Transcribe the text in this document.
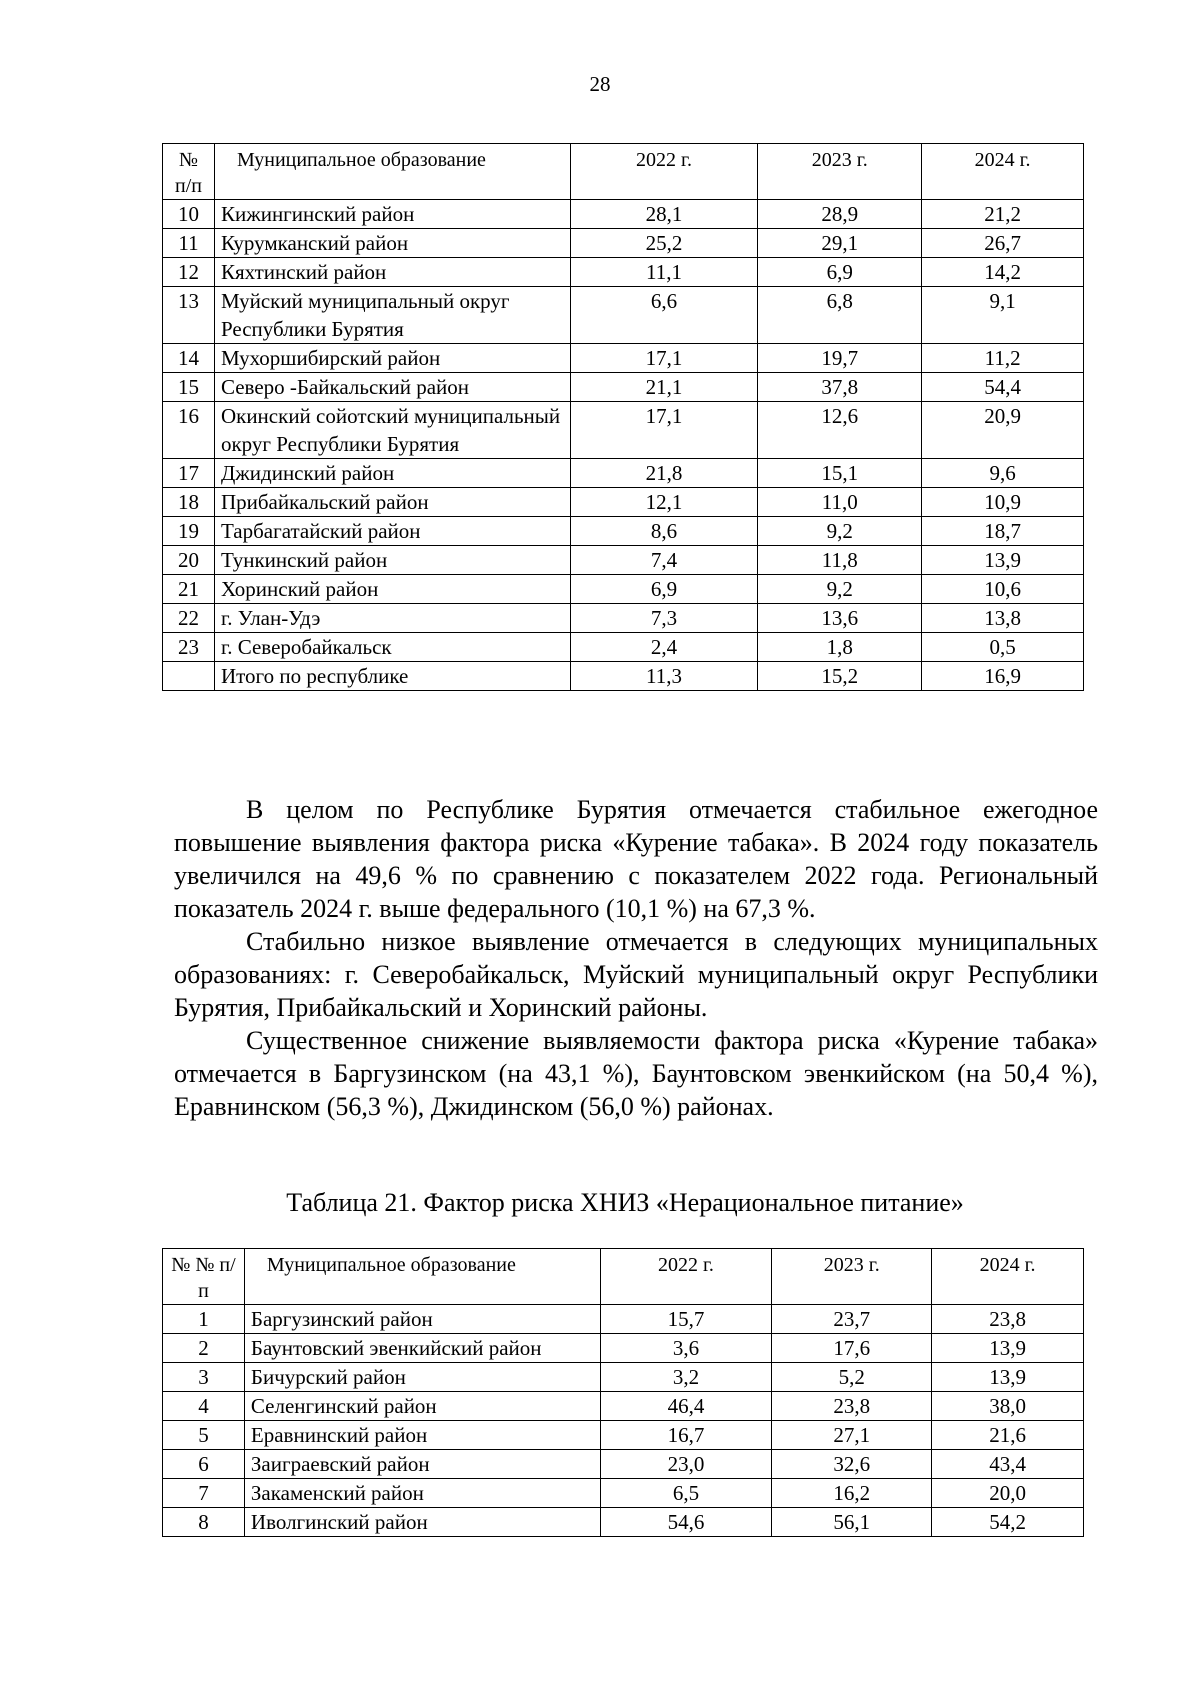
28
№ п/п	Муниципальное образование	2022 г.	2023 г.	2024 г.
10	Кижингинский район	28,1	28,9	21,2
11	Курумканский район	25,2	29,1	26,7
12	Кяхтинский район	11,1	6,9	14,2
13	Муйский муниципальный округ Республики Бурятия	6,6	6,8	9,1
14	Мухоршибирский район	17,1	19,7	11,2
15	Северо -Байкальский район	21,1	37,8	54,4
16	Окинский сойотский муниципальный округ Республики Бурятия	17,1	12,6	20,9
17	Джидинский район	21,8	15,1	9,6
18	Прибайкальский район	12,1	11,0	10,9
19	Тарбагатайский район	8,6	9,2	18,7
20	Тункинский район	7,4	11,8	13,9
21	Хоринский район	6,9	9,2	10,6
22	г. Улан-Удэ	7,3	13,6	13,8
23	г. Северобайкальск	2,4	1,8	0,5
	Итого по республике	11,3	15,2	16,9

В целом по Республике Бурятия отмечается стабильное ежегодное повышение выявления фактора риска «Курение табака». В 2024 году показатель увеличился на 49,6 % по сравнению с показателем 2022 года. Региональный показатель 2024 г. выше федерального (10,1 %) на 67,3 %.

Стабильно низкое выявление отмечается в следующих муниципальных образованиях: г. Северобайкальск, Муйский муниципальный округ Республики Бурятия, Прибайкальский и Хоринский районы.

Существенное снижение выявляемости фактора риска «Курение табака» отмечается в Баргузинском (на 43,1 %), Баунтовском эвенкийском (на 50,4 %), Еравнинском (56,3 %), Джидинском (56,0 %) районах.

Таблица 21. Фактор риска ХНИЗ «Нерациональное питание»
№ № п/п	Муниципальное образование	2022 г.	2023 г.	2024 г.
1	Баргузинский район	15,7	23,7	23,8
2	Баунтовский эвенкийский район	3,6	17,6	13,9
3	Бичурский район	3,2	5,2	13,9
4	Селенгинский район	46,4	23,8	38,0
5	Еравнинский район	16,7	27,1	21,6
6	Заиграевский район	23,0	32,6	43,4
7	Закаменский район	6,5	16,2	20,0
8	Иволгинский район	54,6	56,1	54,2
